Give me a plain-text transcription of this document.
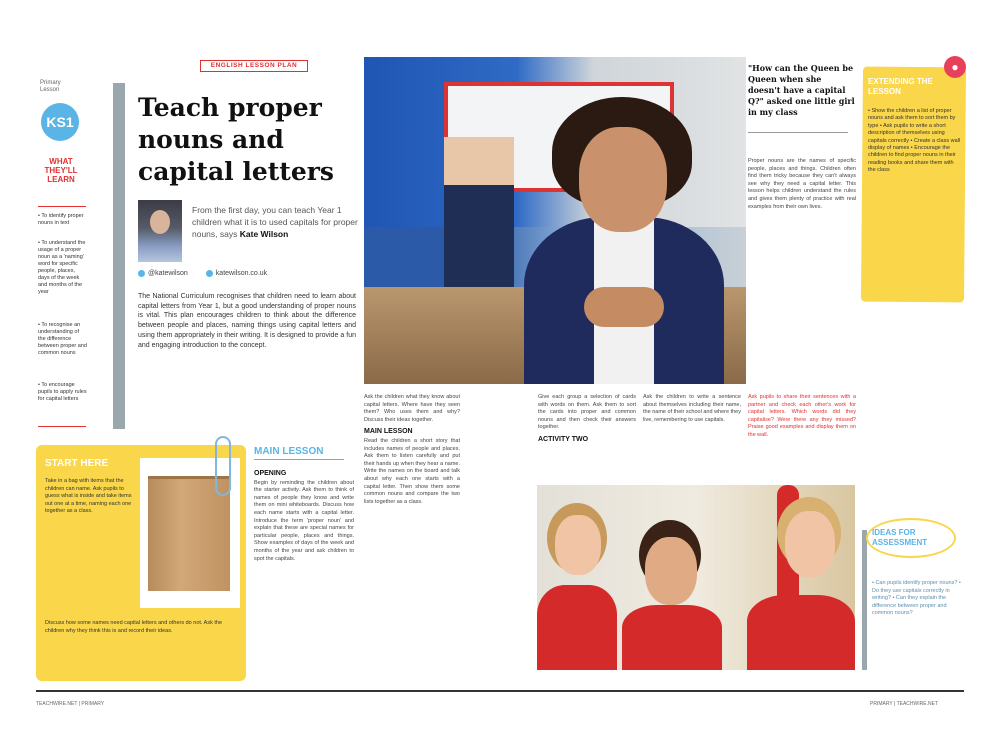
Primary
Lesson
KS1
WHAT THEY'LL LEARN
• To identify proper nouns in text
• To understand the usage of a proper noun as a 'naming' word for specific people, places, days of the week and months of the year
• To recognise an understanding of the difference between proper and common nouns
• To encourage pupils to apply rules for capital letters
ENGLISH LESSON PLAN
Teach proper nouns and capital letters
From the first day, you can teach Year 1 children what it is to used capitals for proper nouns, says Kate Wilson
@katewilson	katewilson.co.uk

The National Curriculum recognises that children need to learn about capital letters from Year 1, but a good understanding of proper nouns is vital. This plan encourages children to think about the difference between people and places, naming things using capital letters and using them appropriately in their writing. It is designed to provide a fun and engaging introduction to the concept.

"How can the Queen be Queen when she doesn't have a capital Q?" asked one little girl in my class

Proper nouns are the names of specific people, places and things. Children often find them tricky because they can't always see why they need a capital letter. This lesson helps children understand the rules and gives them plenty of practice with real examples from their own lives.

●
EXTENDING THE LESSON

• Show the children a list of proper nouns and ask them to sort them by type • Ask pupils to write a short description of themselves using capitals correctly • Create a class wall display of names • Encourage the children to find proper nouns in their reading books and share them with the class

START HERE

Take in a bag with items that the children can name. Ask pupils to guess what is inside and take items out one at a time, naming each one together as a class.

Discuss how some names need capital letters and others do not. Ask the children why they think this is and record their ideas.

MAIN LESSON
OPENING
Begin by reminding the children about the starter activity. Ask them to think of names of people they know and write them on mini whiteboards. Discuss how each name starts with a capital letter. Introduce the term 'proper noun' and explain that these are special names for particular people, places and things. Show examples of days of the week and months of the year and ask children to spot the capitals.
Ask the children what they know about capital letters. Where have they seen them? Who uses them and why? Discuss their ideas together.
MAIN LESSON
Read the children a short story that includes names of people and places. Ask them to listen carefully and put their hands up when they hear a name. Write the names on the board and talk about why each one starts with a capital letter. Then show them some common nouns and compare the two lists together as a class.
Give each group a selection of cards with words on them. Ask them to sort the cards into proper and common nouns and then check their answers together.
ACTIVITY TWO

Ask the children to write a sentence about themselves including their name, the name of their school and where they live, remembering to use capitals.

Ask pupils to share their sentences with a partner and check each other's work for capital letters. Which words did they capitalise? Were there any they missed? Praise good examples and display them on the wall.

IDEAS FOR ASSESSMENT

• Can pupils identify proper nouns? • Do they use capitals correctly in writing? • Can they explain the difference between proper and common nouns?

TEACHWIRE.NET | PRIMARY	PRIMARY | TEACHWIRE.NET
